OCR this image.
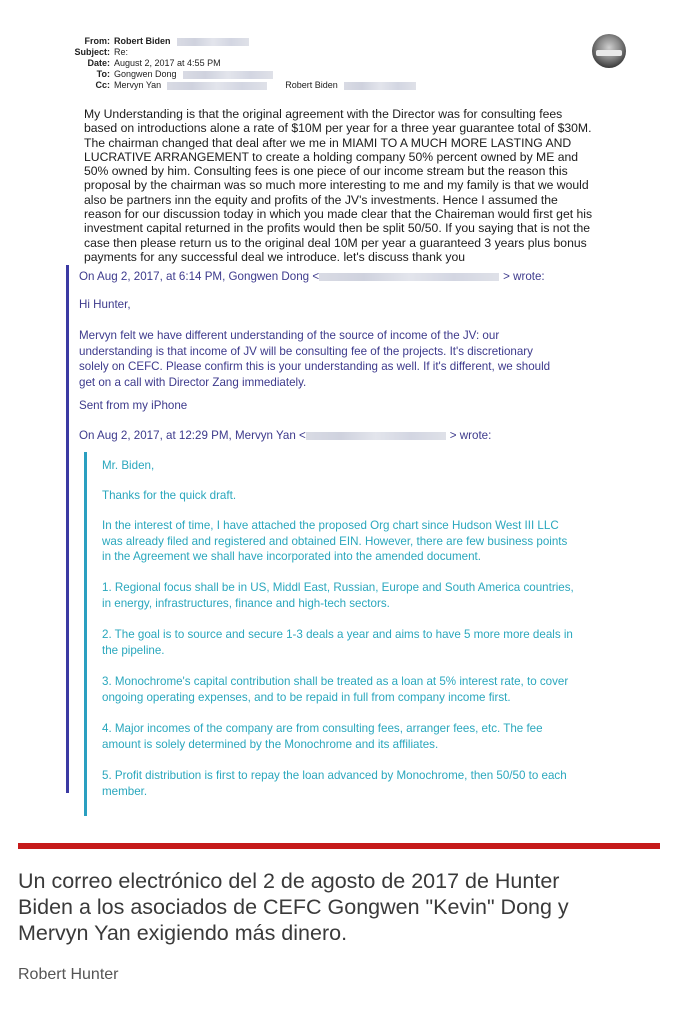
From: Robert Biden
Subject: Re:
Date: August 2, 2017 at 4:55 PM
To: Gongwen Dong
Cc: Mervyn Yan	Robert Biden
My Understanding is that the original agreement with the Director was for consulting fees
based on introductions alone a rate of $10M per year for a three year guarantee total of $30M.
The chairman changed that deal after we me in MIAMI TO A MUCH MORE LASTING AND
LUCRATIVE ARRANGEMENT to create a holding company 50% percent owned by ME and
50% owned by him. Consulting fees is one piece of our income stream but the reason this
proposal by the chairman was so much more interesting to me and my family is that we would
also be partners inn the equity and profits of the JV's investments. Hence I assumed the
reason for our discussion today in which you made clear that the Chaireman would first get his
investment capital returned in the profits would then be split 50/50. If you saying that is not the
case then please return us to the original deal 10M per year a guaranteed 3 years plus bonus
payments for any successful deal we introduce. let's discuss thank you
On Aug 2, 2017, at 6:14 PM, Gongwen Dong <	> wrote:
Hi Hunter,
Mervyn felt we have different understanding of the source of income of the JV: our
understanding is that income of JV will be consulting fee of the projects. It's discretionary
solely on CEFC. Please confirm this is your understanding as well. If it's different, we should
get on a call with Director Zang immediately.
Sent from my iPhone
On Aug 2, 2017, at 12:29 PM, Mervyn Yan <	> wrote:
Mr. Biden,
Thanks for the quick draft.
In the interest of time, I have attached the proposed Org chart since Hudson West III LLC
was already filed and registered and obtained EIN. However, there are few business points
in the Agreement we shall have incorporated into the amended document.
1. Regional focus shall be in US, Middl East, Russian, Europe and South America countries,
in energy, infrastructures, finance and high-tech sectors.
2. The goal is to source and secure 1-3 deals a year and aims to have 5 more more deals in
the pipeline.
3. Monochrome's capital contribution shall be treated as a loan at 5% interest rate, to cover
ongoing operating expenses, and to be repaid in full from company income first.
4. Major incomes of the company are from consulting fees, arranger fees, etc. The fee
amount is solely determined by the Monochrome and its affiliates.
5. Profit distribution is first to repay the loan advanced by Monochrome, then 50/50 to each
member.
Un correo electrónico del 2 de agosto de 2017 de Hunter
Biden a los asociados de CEFC Gongwen "Kevin" Dong y
Mervyn Yan exigiendo más dinero.
Robert Hunter
